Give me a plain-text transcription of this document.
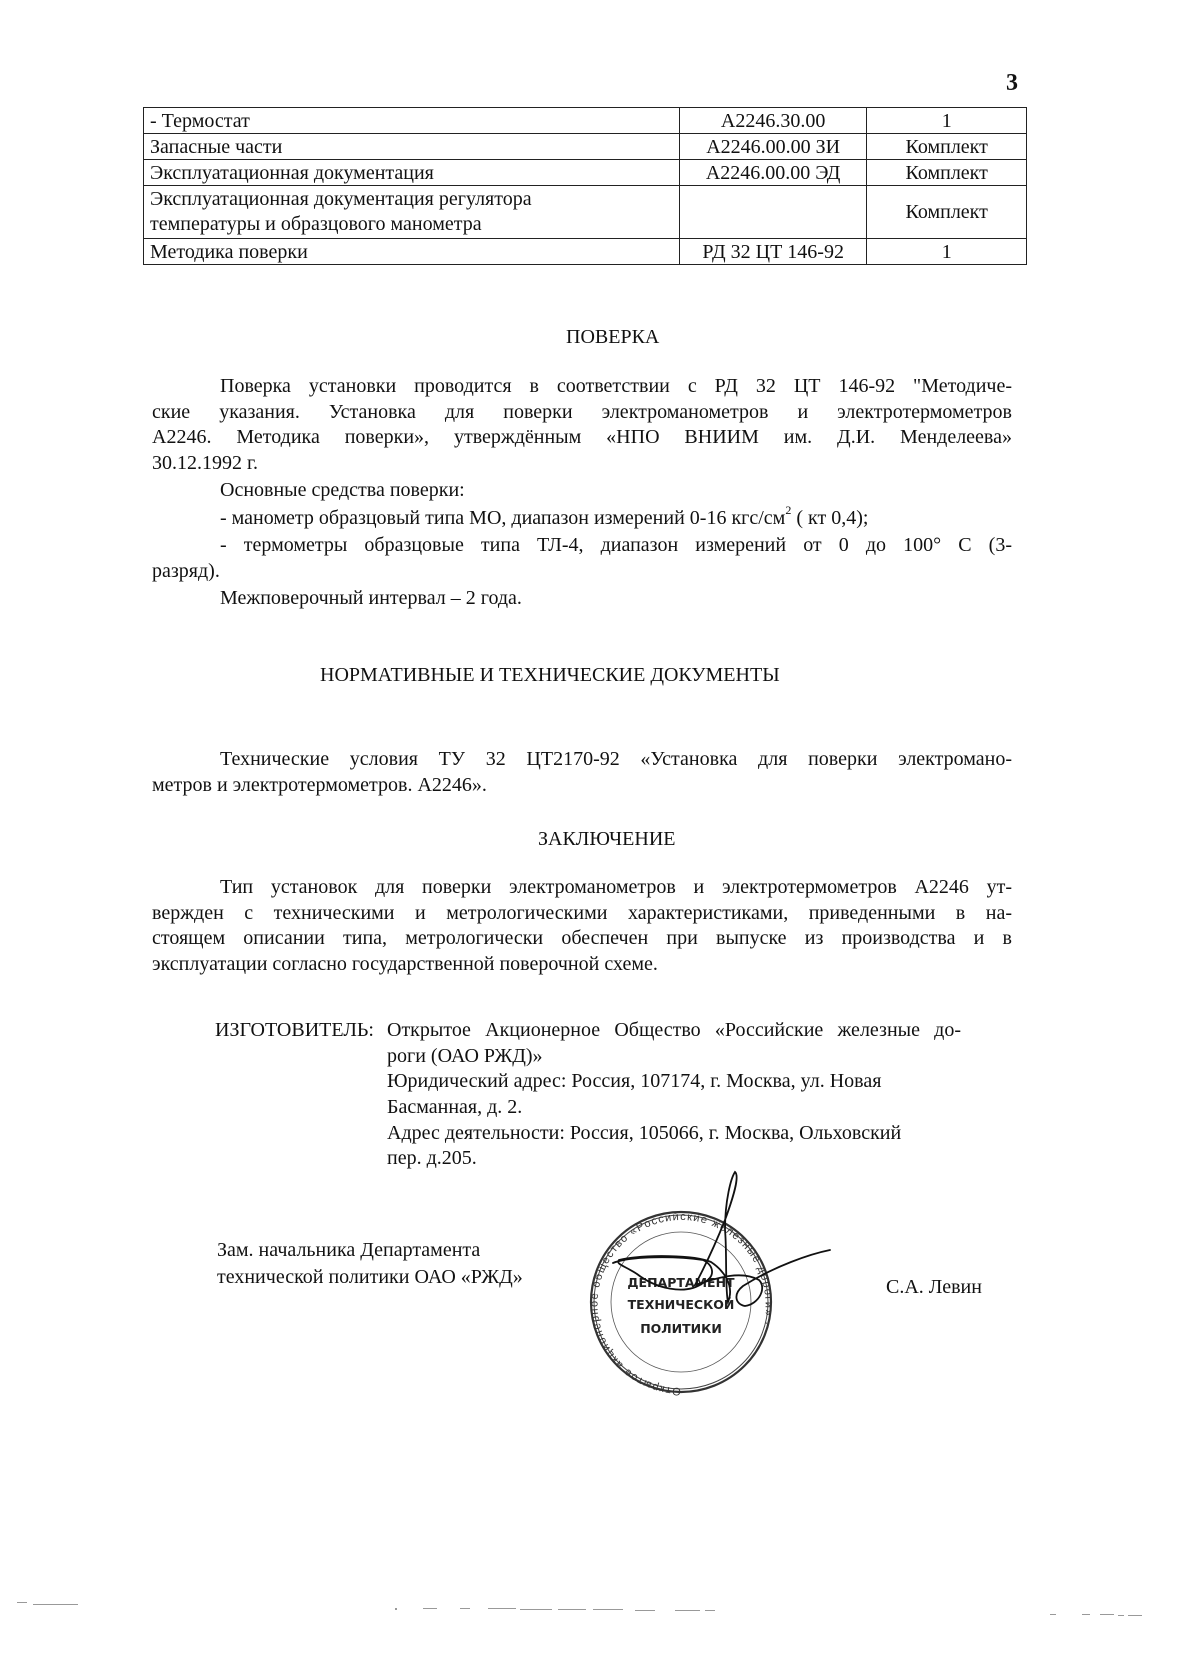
3
- Термостат	А2246.30.00	1
Запасные части	А2246.00.00 ЗИ	Комплект
Эксплуатационная документация	А2246.00.00 ЭД	Комплект

Эксплуатационная документация регулятора
температуры и образцового манометра		Комплект
Методика поверки	РД 32 ЦТ 146-92	1
ПОВЕРКА
Поверка установки проводится в соответствии с РД 32 ЦТ 146-92 "Методиче-
ские указания. Установка для поверки электроманометров и электротермометров
А2246. Методика поверки», утверждённым «НПО ВНИИМ им. Д.И. Менделеева»
30.12.1992 г.
Основные средства поверки:
- манометр образцовый типа МО, диапазон измерений 0-16 кгс/$см^2$ ( кт 0,4);
- термометры образцовые типа ТЛ-4, диапазон измерений от 0 до 100° С (3-
разряд).
Межповерочный интервал – 2 года.
НОРМАТИВНЫЕ И ТЕХНИЧЕСКИЕ ДОКУМЕНТЫ
Технические условия ТУ 32 ЦТ2170-92 «Установка для поверки электромано-
метров и электротермометров. А2246».
ЗАКЛЮЧЕНИЕ
Тип установок для поверки электроманометров и электротермометров А2246 ут-
вержден с техническими и метрологическими характеристиками, приведенными в на-
стоящем описании типа, метрологически обеспечен при выпуске из производства и в
эксплуатации согласно государственной поверочной схеме.
ИЗГОТОВИТЕЛЬ: Открытое Акционерное Общество «Российские железные до-
роги (ОАО РЖД)»
Юридический адрес: Россия, 107174, г. Москва, ул. Новая
Басманная, д. 2.
Адрес деятельности: Россия, 105066, г. Москва, Ольховский
пер. д.205.
Зам. начальника Департамента
технической политики ОАО «РЖД»
Открытое акционерное общество «Российские железные дороги» ·
ДЕПАРТАМЕНТ
ТЕХНИЧЕСКОЙ
ПОЛИТИКИ
С.А. Левин
